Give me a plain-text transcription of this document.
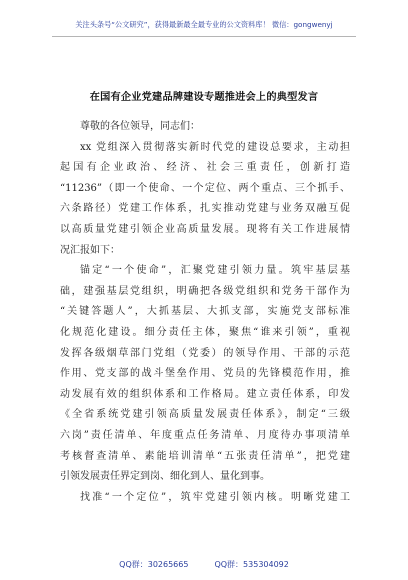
关注头条号“公文研究”，获得最新最全最专业的公文资料库！ 微信：gongwenyj
在国有企业党建品牌建设专题推进会上的典型发言
尊敬的各位领导，同志们：
xx 党组深入贯彻落实新时代党的建设总要求，主动担
起国有企业政治、经济、社会三重责任，创新打造
“11236”（即一个使命、一个定位、两个重点、三个抓手、
六条路径）党建工作体系，扎实推动党建与业务双融互促
以高质量党建引领企业高质量发展。现将有关工作进展情
况汇报如下：
锚定“一个使命”，汇聚党建引领力量。筑牢基层基
础，建强基层党组织，明确把各级党组织和党务干部作为
“关键答题人”，大抓基层、大抓支部，实施党支部标准
化规范化建设。细分责任主体，聚焦“谁来引领”，重视
发挥各级烟草部门党组（党委）的领导作用、干部的示范
作用、党支部的战斗堡垒作用、党员的先锋模范作用，推
动发展有效的组织体系和工作格局。建立责任体系，印发
《全省系统党建引领高质量发展责任体系》，制定“三级
六岗”责任清单、年度重点任务清单、月度待办事项清单
考核督查清单、素能培训清单“五张责任清单”，把党建
引领发展责任界定到岗、细化到人、量化到事。
找准“一个定位”，筑牢党建引领内核。明晰党建工
QQ群：30265665	QQ群：535304092
